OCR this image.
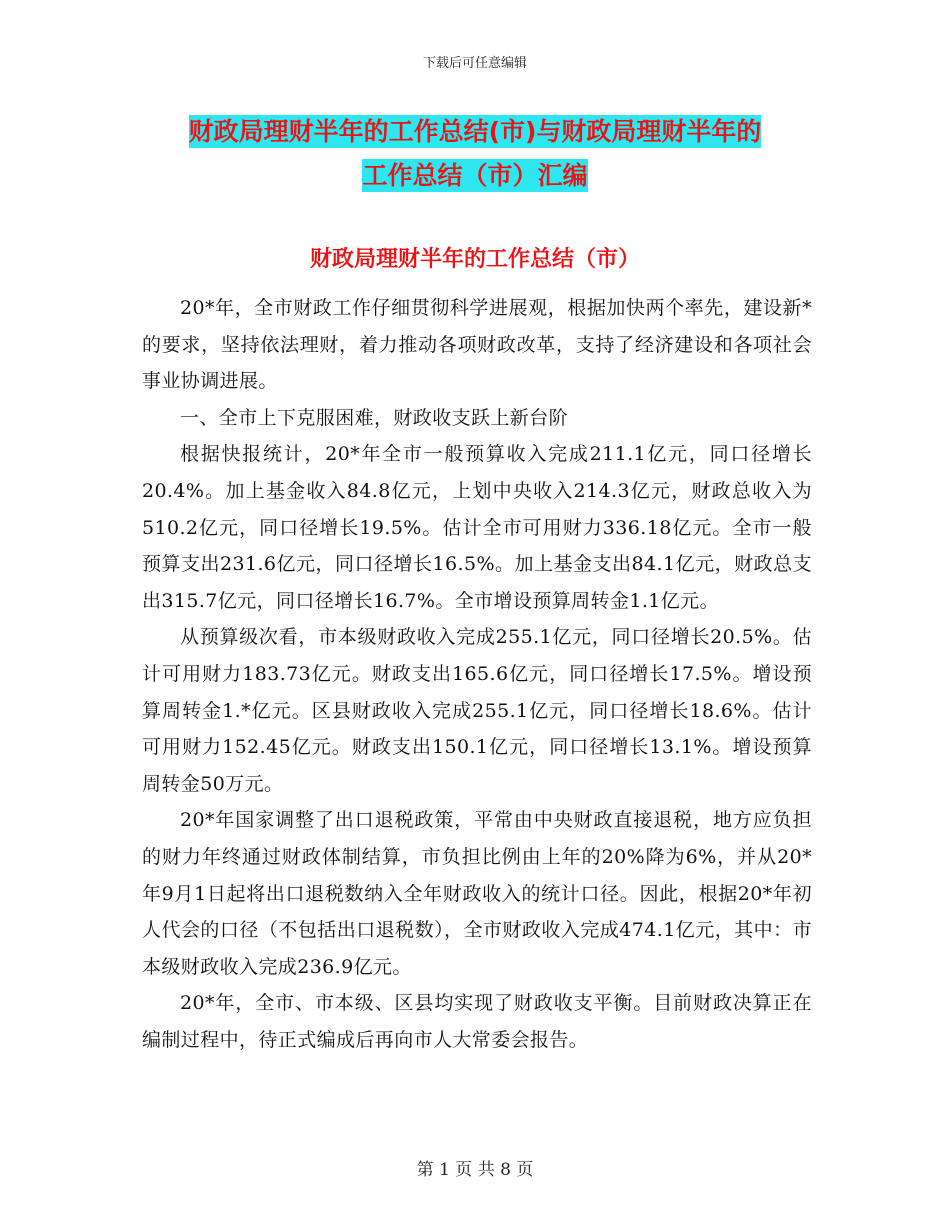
下载后可任意编辑
财政局理财半年的工作总结(市)与财政局理财半年的
工作总结（市）汇编
财政局理财半年的工作总结（市）

20*年，全市财政工作仔细贯彻科学进展观，根据加快两个率先，建设新*的要求，坚持依法理财，着力推动各项财政改革，支持了经济建设和各项社会事业协调进展。

一、全市上下克服困难，财政收支跃上新台阶

根据快报统计，20*年全市一般预算收入完成211.1亿元，同口径增长20.4%。加上基金收入84.8亿元，上划中央收入214.3亿元，财政总收入为510.2亿元，同口径增长19.5%。估计全市可用财力336.18亿元。全市一般预算支出231.6亿元，同口径增长16.5%。加上基金支出84.1亿元，财政总支出315.7亿元，同口径增长16.7%。全市增设预算周转金1.1亿元。

从预算级次看，市本级财政收入完成255.1亿元，同口径增长20.5%。估计可用财力183.73亿元。财政支出165.6亿元，同口径增长17.5%。增设预算周转金1.*亿元。区县财政收入完成255.1亿元，同口径增长18.6%。估计可用财力152.45亿元。财政支出150.1亿元，同口径增长13.1%。增设预算周转金50万元。

20*年国家调整了出口退税政策，平常由中央财政直接退税，地方应负担的财力年终通过财政体制结算，市负担比例由上年的20%降为6%，并从20*年9月1日起将出口退税数纳入全年财政收入的统计口径。因此，根据20*年初人代会的口径（不包括出口退税数），全市财政收入完成474.1亿元，其中：市本级财政收入完成236.9亿元。

20*年，全市、市本级、区县均实现了财政收支平衡。目前财政决算正在编制过程中，待正式编成后再向市人大常委会报告。

第 1 页 共 8 页
